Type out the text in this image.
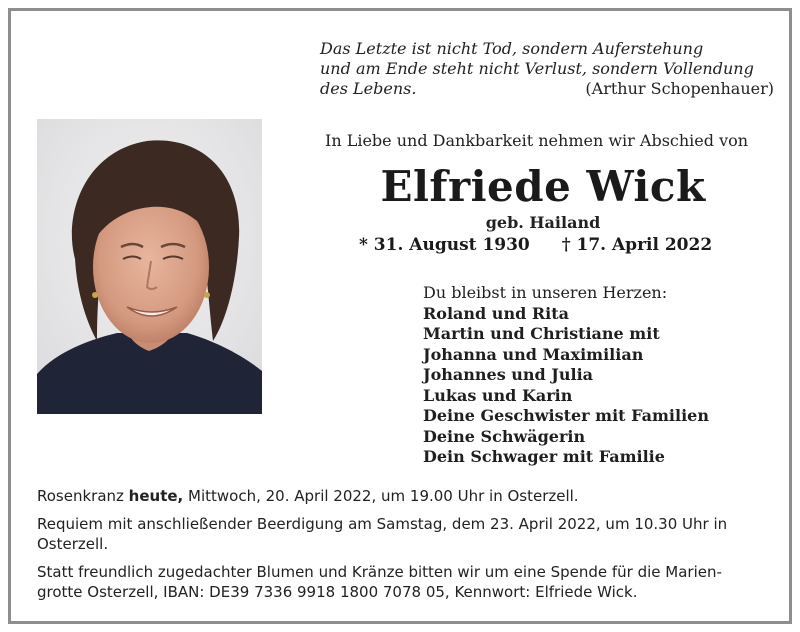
Das Letzte ist nicht Tod, sondern Auferstehung
und am Ende steht nicht Verlust, sondern Vollendung
des Lebens.	(Arthur Schopenhauer)
In Liebe und Dankbarkeit nehmen wir Abschied von
Elfriede Wick
geb. Hailand
* 31. August 1930 † 17. April 2022
Du bleibst in unseren Herzen:
Roland und Rita
Martin und Christiane mit
Johanna und Maximilian
Johannes und Julia
Lukas und Karin
Deine Geschwister mit Familien
Deine Schwägerin
Dein Schwager mit Familie
Rosenkranz heute, Mittwoch, 20. April 2022, um 19.00 Uhr in Osterzell.
Requiem mit anschließender Beerdigung am Samstag, dem 23. April 2022, um 10.30 Uhr in Osterzell.
Statt freundlich zugedachter Blumen und Kränze bitten wir um eine Spende für die Marien-
grotte Osterzell, IBAN: DE39 7336 9918 1800 7078 05, Kennwort: Elfriede Wick.
